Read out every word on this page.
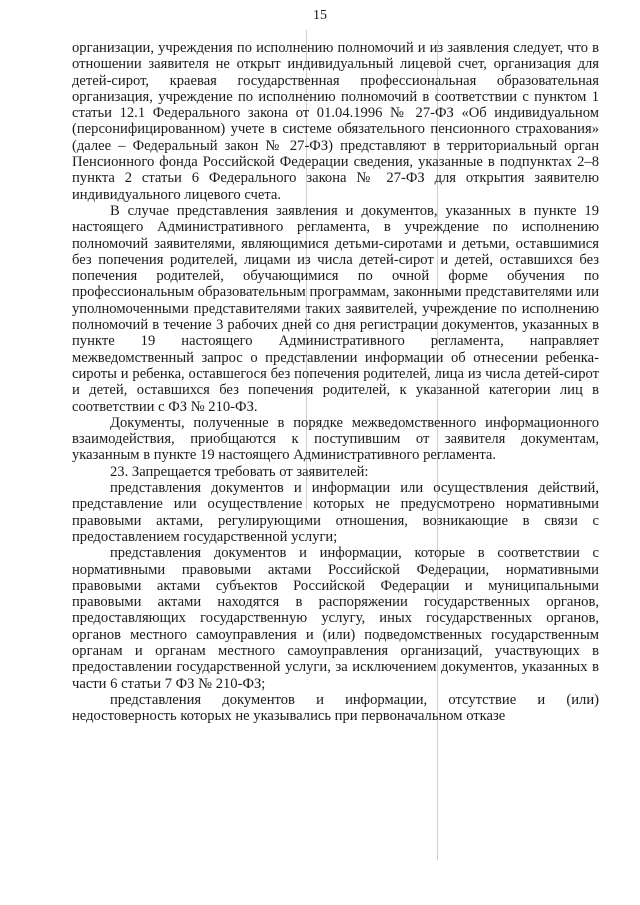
15

организации, учреждения по исполнению полномочий и из заявления следует, что в отношении заявителя не открыт индивидуальный лицевой счет, организация для детей-сирот, краевая государственная профессиональная образовательная организация, учреждение по исполнению полномочий в соответствии с пунктом 1 статьи 12.1 Федерального закона от 01.04.1996 № 27-ФЗ «Об индивидуальном (персонифицированном) учете в системе обязательного пенсионного страхования» (далее – Федеральный закон № 27-ФЗ) представляют в территориальный орган Пенсионного фонда Российской Федерации сведения, указанные в подпунктах 2–8 пункта 2 статьи 6 Федерального закона № 27-ФЗ для открытия заявителю индивидуального лицевого счета.

В случае представления заявления и документов, указанных в пункте 19 настоящего Административного регламента, в учреждение по исполнению полномочий заявителями, являющимися детьми-сиротами и детьми, оставшимися без попечения родителей, лицами из числа детей-сирот и детей, оставшихся без попечения родителей, обучающимися по очной форме обучения по профессиональным образовательным программам, законными представителями или уполномоченными представителями таких заявителей, учреждение по исполнению полномочий в течение 3 рабочих дней со дня регистрации документов, указанных в пункте 19 настоящего Административного регламента, направляет межведомственный запрос о представлении информации об отнесении ребенка-сироты и ребенка, оставшегося без попечения родителей, лица из числа детей-сирот и детей, оставшихся без попечения родителей, к указанной категории лиц в соответствии с ФЗ № 210-ФЗ.

Документы, полученные в порядке межведомственного информационного взаимодействия, приобщаются к поступившим от заявителя документам, указанным в пункте 19 настоящего Административного регламента.

23. Запрещается требовать от заявителей:

представления документов и информации или осуществления действий, представление или осуществление которых не предусмотрено нормативными правовыми актами, регулирующими отношения, возникающие в связи с предоставлением государственной услуги;

представления документов и информации, которые в соответствии с нормативными правовыми актами Российской Федерации, нормативными правовыми актами субъектов Российской Федерации и муниципальными правовыми актами находятся в распоряжении государственных органов, предоставляющих государственную услугу, иных государственных органов, органов местного самоуправления и (или) подведомственных государственным органам и органам местного самоуправления организаций, участвующих в предоставлении государственной услуги, за исключением документов, указанных в части 6 статьи 7 ФЗ № 210-ФЗ;

представления документов и информации, отсутствие и (или) недостоверность которых не указывались при первоначальном отказе
